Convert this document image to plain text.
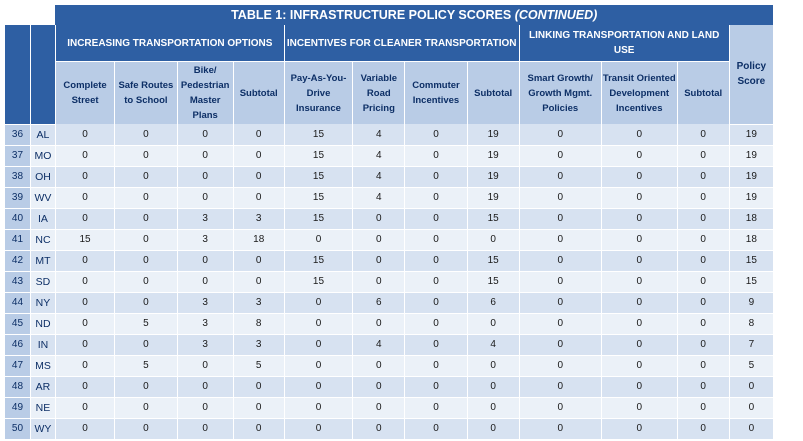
		TABLE 1: INFRASTRUCTURE POLICY SCORES (CONTINUED)											
		INCREASING TRANSPORTATION OPTIONS				INCENTIVES FOR CLEANER TRANSPORTATION				LINKING TRANSPORTATION AND LAND USE			Policy Score
		Complete Street	Safe Routes to School	Bike/ Pedestrian Master Plans	Subtotal	Pay-As-You-Drive Insurance	Variable Road Pricing	Commuter Incentives	Subtotal	Smart Growth/ Growth Mgmt. Policies	Transit Oriented Development Incentives	Subtotal	
36	AL	0	0	0	0	15	4	0	19	0	0	0	19
37	MO	0	0	0	0	15	4	0	19	0	0	0	19
38	OH	0	0	0	0	15	4	0	19	0	0	0	19
39	WV	0	0	0	0	15	4	0	19	0	0	0	19
40	IA	0	0	3	3	15	0	0	15	0	0	0	18
41	NC	15	0	3	18	0	0	0	0	0	0	0	18
42	MT	0	0	0	0	15	0	0	15	0	0	0	15
43	SD	0	0	0	0	15	0	0	15	0	0	0	15
44	NY	0	0	3	3	0	6	0	6	0	0	0	9
45	ND	0	5	3	8	0	0	0	0	0	0	0	8
46	IN	0	0	3	3	0	4	0	4	0	0	0	7
47	MS	0	5	0	5	0	0	0	0	0	0	0	5
48	AR	0	0	0	0	0	0	0	0	0	0	0	0
49	NE	0	0	0	0	0	0	0	0	0	0	0	0
50	WY	0	0	0	0	0	0	0	0	0	0	0	0
